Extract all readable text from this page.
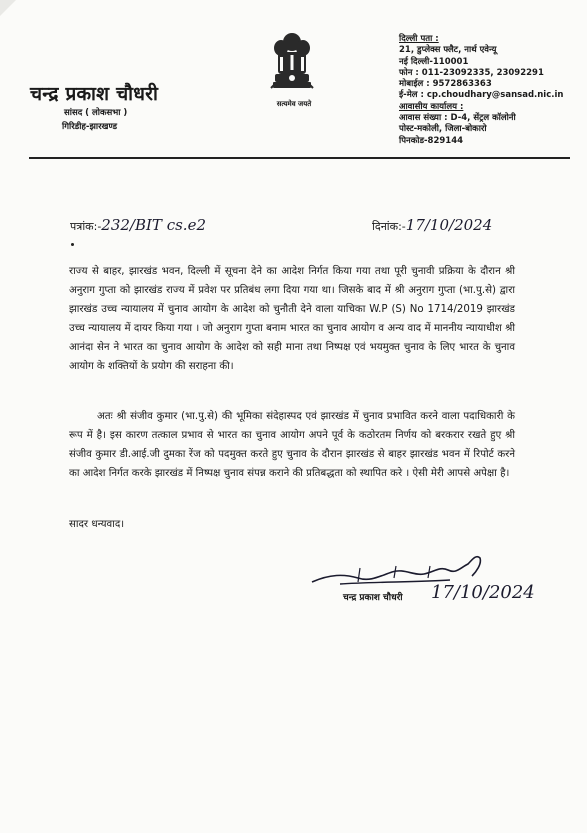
चन्द्र प्रकाश चौधरी
सांसद ( लोकसभा )
गिरिडीह-झारखण्ड
सत्यमेव जयते
दिल्ली पता :
21, डुप्लेक्स फ्लैट, नार्थ एवेन्यू
नई दिल्ली-110001
फोन : 011-23092335, 23092291
मोबाईल : 9572863363
ई-मेल : cp.choudhary@sansad.nic.in
आवासीय कार्यालय :
आवास संख्या : D-4, सेंट्रल कॉलोनी
पोस्ट-मकोली, जिला-बोकारो
पिनकोड-829144
पत्रांक:-232/BIT cs.e2	दिनांक:-17/10/2024
राज्य से बाहर, झारखंड भवन, दिल्ली में सूचना देने का आदेश निर्गत किया गया तथा पूरी चुनावी प्रक्रिया के दौरान श्री अनुराग गुप्ता को झारखंड राज्य में प्रवेश पर प्रतिबंध लगा दिया गया था। जिसके बाद में श्री अनुराग गुप्ता (भा.पु.से) द्वारा झारखंड उच्च न्यायालय में चुनाव आयोग के आदेश को चुनौती देने वाला याचिका W.P (S) No 1714/2019 झारखंड उच्च न्यायालय में दायर किया गया । जो अनुराग गुप्ता बनाम भारत का चुनाव आयोग व अन्य वाद में माननीय न्यायाधीश श्री आनंदा सेन ने भारत का चुनाव आयोग के आदेश को सही माना तथा निष्पक्ष एवं भयमुक्त चुनाव के लिए भारत के चुनाव आयोग के शक्तियों के प्रयोग की सराहना की।
अतः श्री संजीव कुमार (भा.पु.से) की भूमिका संदेहास्पद एवं झारखंड में चुनाव प्रभावित करने वाला पदाधिकारी के रूप में है। इस कारण तत्काल प्रभाव से भारत का चुनाव आयोग अपने पूर्व के कठोरतम निर्णय को बरकरार रखते हुए श्री संजीव कुमार डी.आई.जी दुमका रेंज को पदमुक्त करते हुए चुनाव के दौरान झारखंड से बाहर झारखंड भवन में रिपोर्ट करने का आदेश निर्गत करके झारखंड में निष्पक्ष चुनाव संपन्न कराने की प्रतिबद्धता को स्थापित करे । ऐसी मेरी आपसे अपेक्षा है।
सादर धन्यवाद।
चन्द्र प्रकाश चौधरी 17/10/2024
